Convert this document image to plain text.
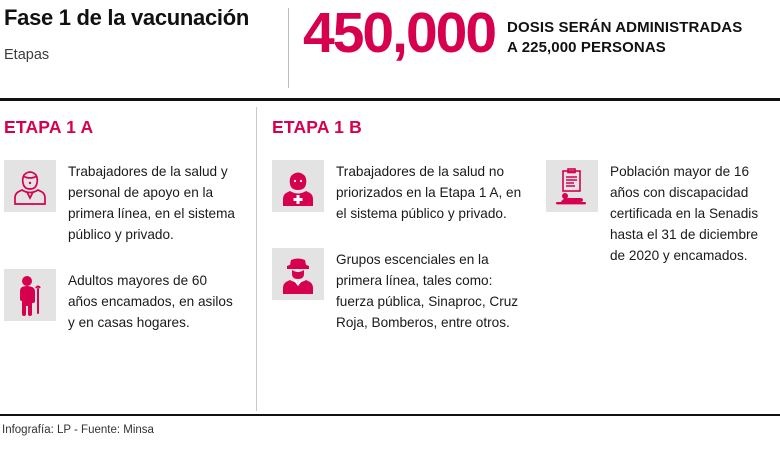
Fase 1 de la vacunación
Etapas	450,000 DOSIS SERÁN ADMINISTRADAS
A 225,000 PERSONAS
ETAPA 1 A
Trabajadores de la salud y personal de apoyo en la primera línea, en el sistema público y privado.
Adultos mayores de 60 años encamados, en asilos y en casas hogares.
ETAPA 1 B
Trabajadores de la salud no priorizados en la Etapa 1 A, en el sistema público y privado.
Grupos escenciales en la primera línea, tales como: fuerza pública, Sinaproc, Cruz Roja, Bomberos, entre otros.
Población mayor de 16 años con discapacidad certificada en la Senadis hasta el 31 de diciembre de 2020 y encamados.
Infografía: LP - Fuente: Minsa
